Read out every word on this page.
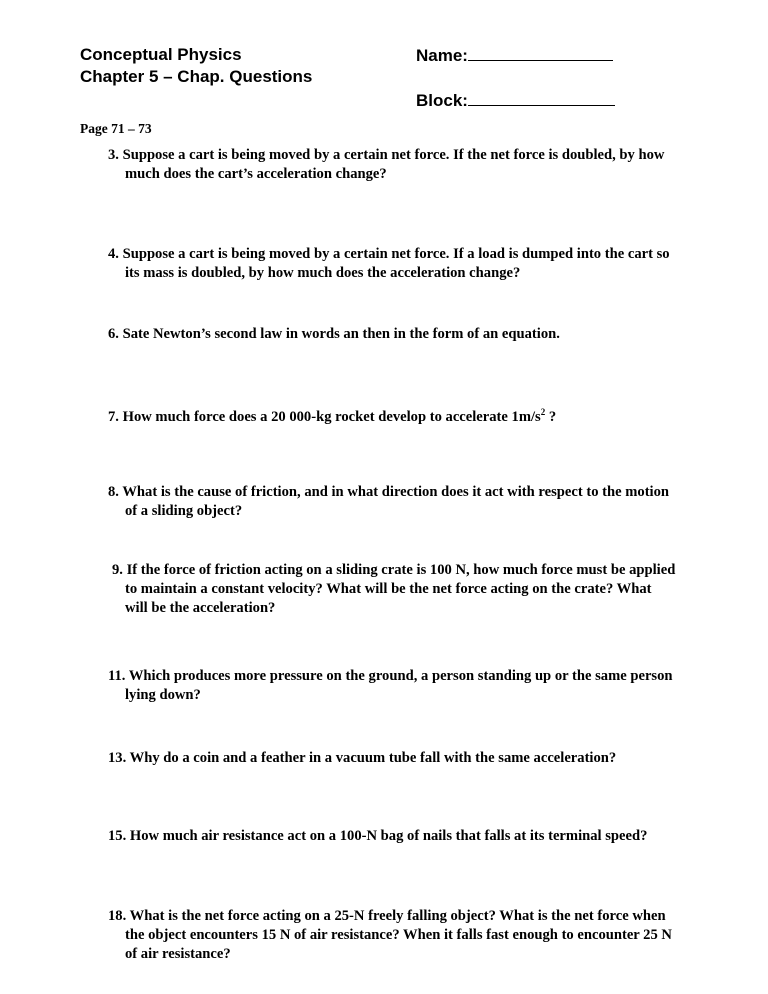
Conceptual Physics
Chapter 5 – Chap. Questions
Name:
Block:
Page 71 – 73
3. Suppose a cart is being moved by a certain net force. If the net force is doubled, by how
much does the cart’s acceleration change?
4. Suppose a cart is being moved by a certain net force. If a load is dumped into the cart so
its mass is doubled, by how much does the acceleration change?
6. Sate Newton’s second law in words an then in the form of an equation.
7. How much force does a 20 000-kg rocket develop to accelerate $1m/s^2$ ?
8. What is the cause of friction, and in what direction does it act with respect to the motion
of a sliding object?
9. If the force of friction acting on a sliding crate is 100 N, how much force must be applied
to maintain a constant velocity? What will be the net force acting on the crate? What
will be the acceleration?
11. Which produces more pressure on the ground, a person standing up or the same person
lying down?
13. Why do a coin and a feather in a vacuum tube fall with the same acceleration?
15. How much air resistance act on a 100-N bag of nails that falls at its terminal speed?
18. What is the net force acting on a 25-N freely falling object? What is the net force when
the object encounters 15 N of air resistance? When it falls fast enough to encounter 25 N
of air resistance?
